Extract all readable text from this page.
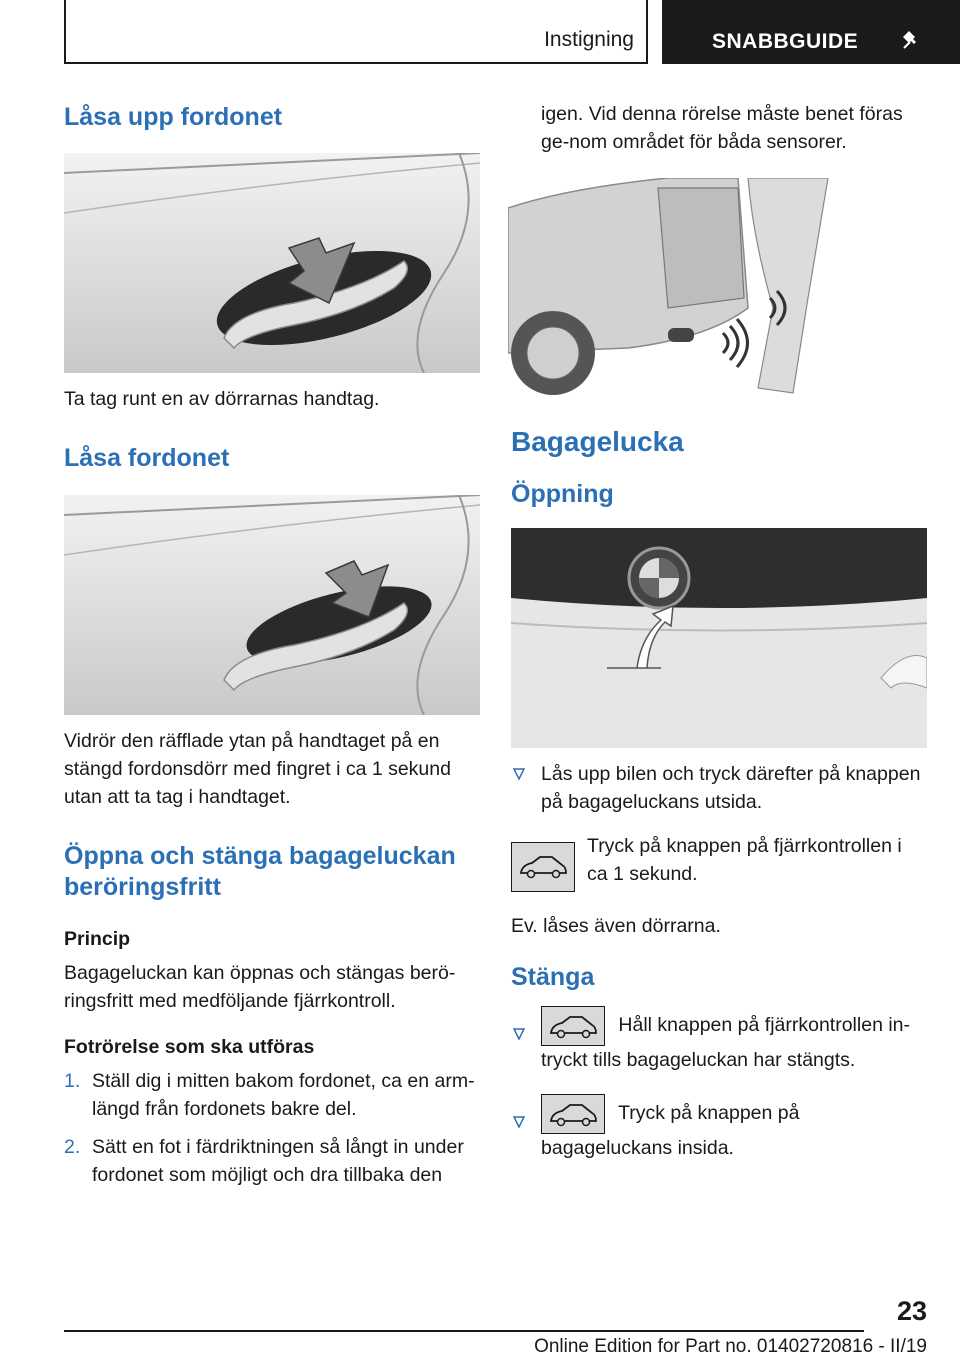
Instigning	SNABBGUIDE
Låsa upp fordonet

Ta tag runt en av dörrarnas handtag.

Låsa fordonet

Vidrör den räfflade ytan på handtaget på en stängd fordonsdörr med fingret i ca 1 sekund utan att ta tag i handtaget.

Öppna och stänga bagageluckan beröringsfritt

Princip

Bagageluckan kan öppnas och stängas berö-ringsfritt med medföljande fjärrkontroll.

Fotrörelse som ska utföras

1. Ställ dig i mitten bakom fordonet, ca en arm-längd från fordonets bakre del.
2. Sätt en fot i färdriktningen så långt in under fordonet som möjligt och dra tillbaka den

igen. Vid denna rörelse måste benet föras ge-nom området för båda sensorer.

Bagagelucka
Öppning
Lås upp bilen och tryck därefter på knappen på bagageluckans utsida.

Tryck på knappen på fjärrkontrollen i ca 1 sekund.

Ev. låses även dörrarna.

Stänga
Håll knappen på fjärrkontrollen in-tryckt tills bagageluckan har stängts.
Tryck på knappen på bagageluckans insida.
23
Online Edition for Part no. 01402720816 - II/19
